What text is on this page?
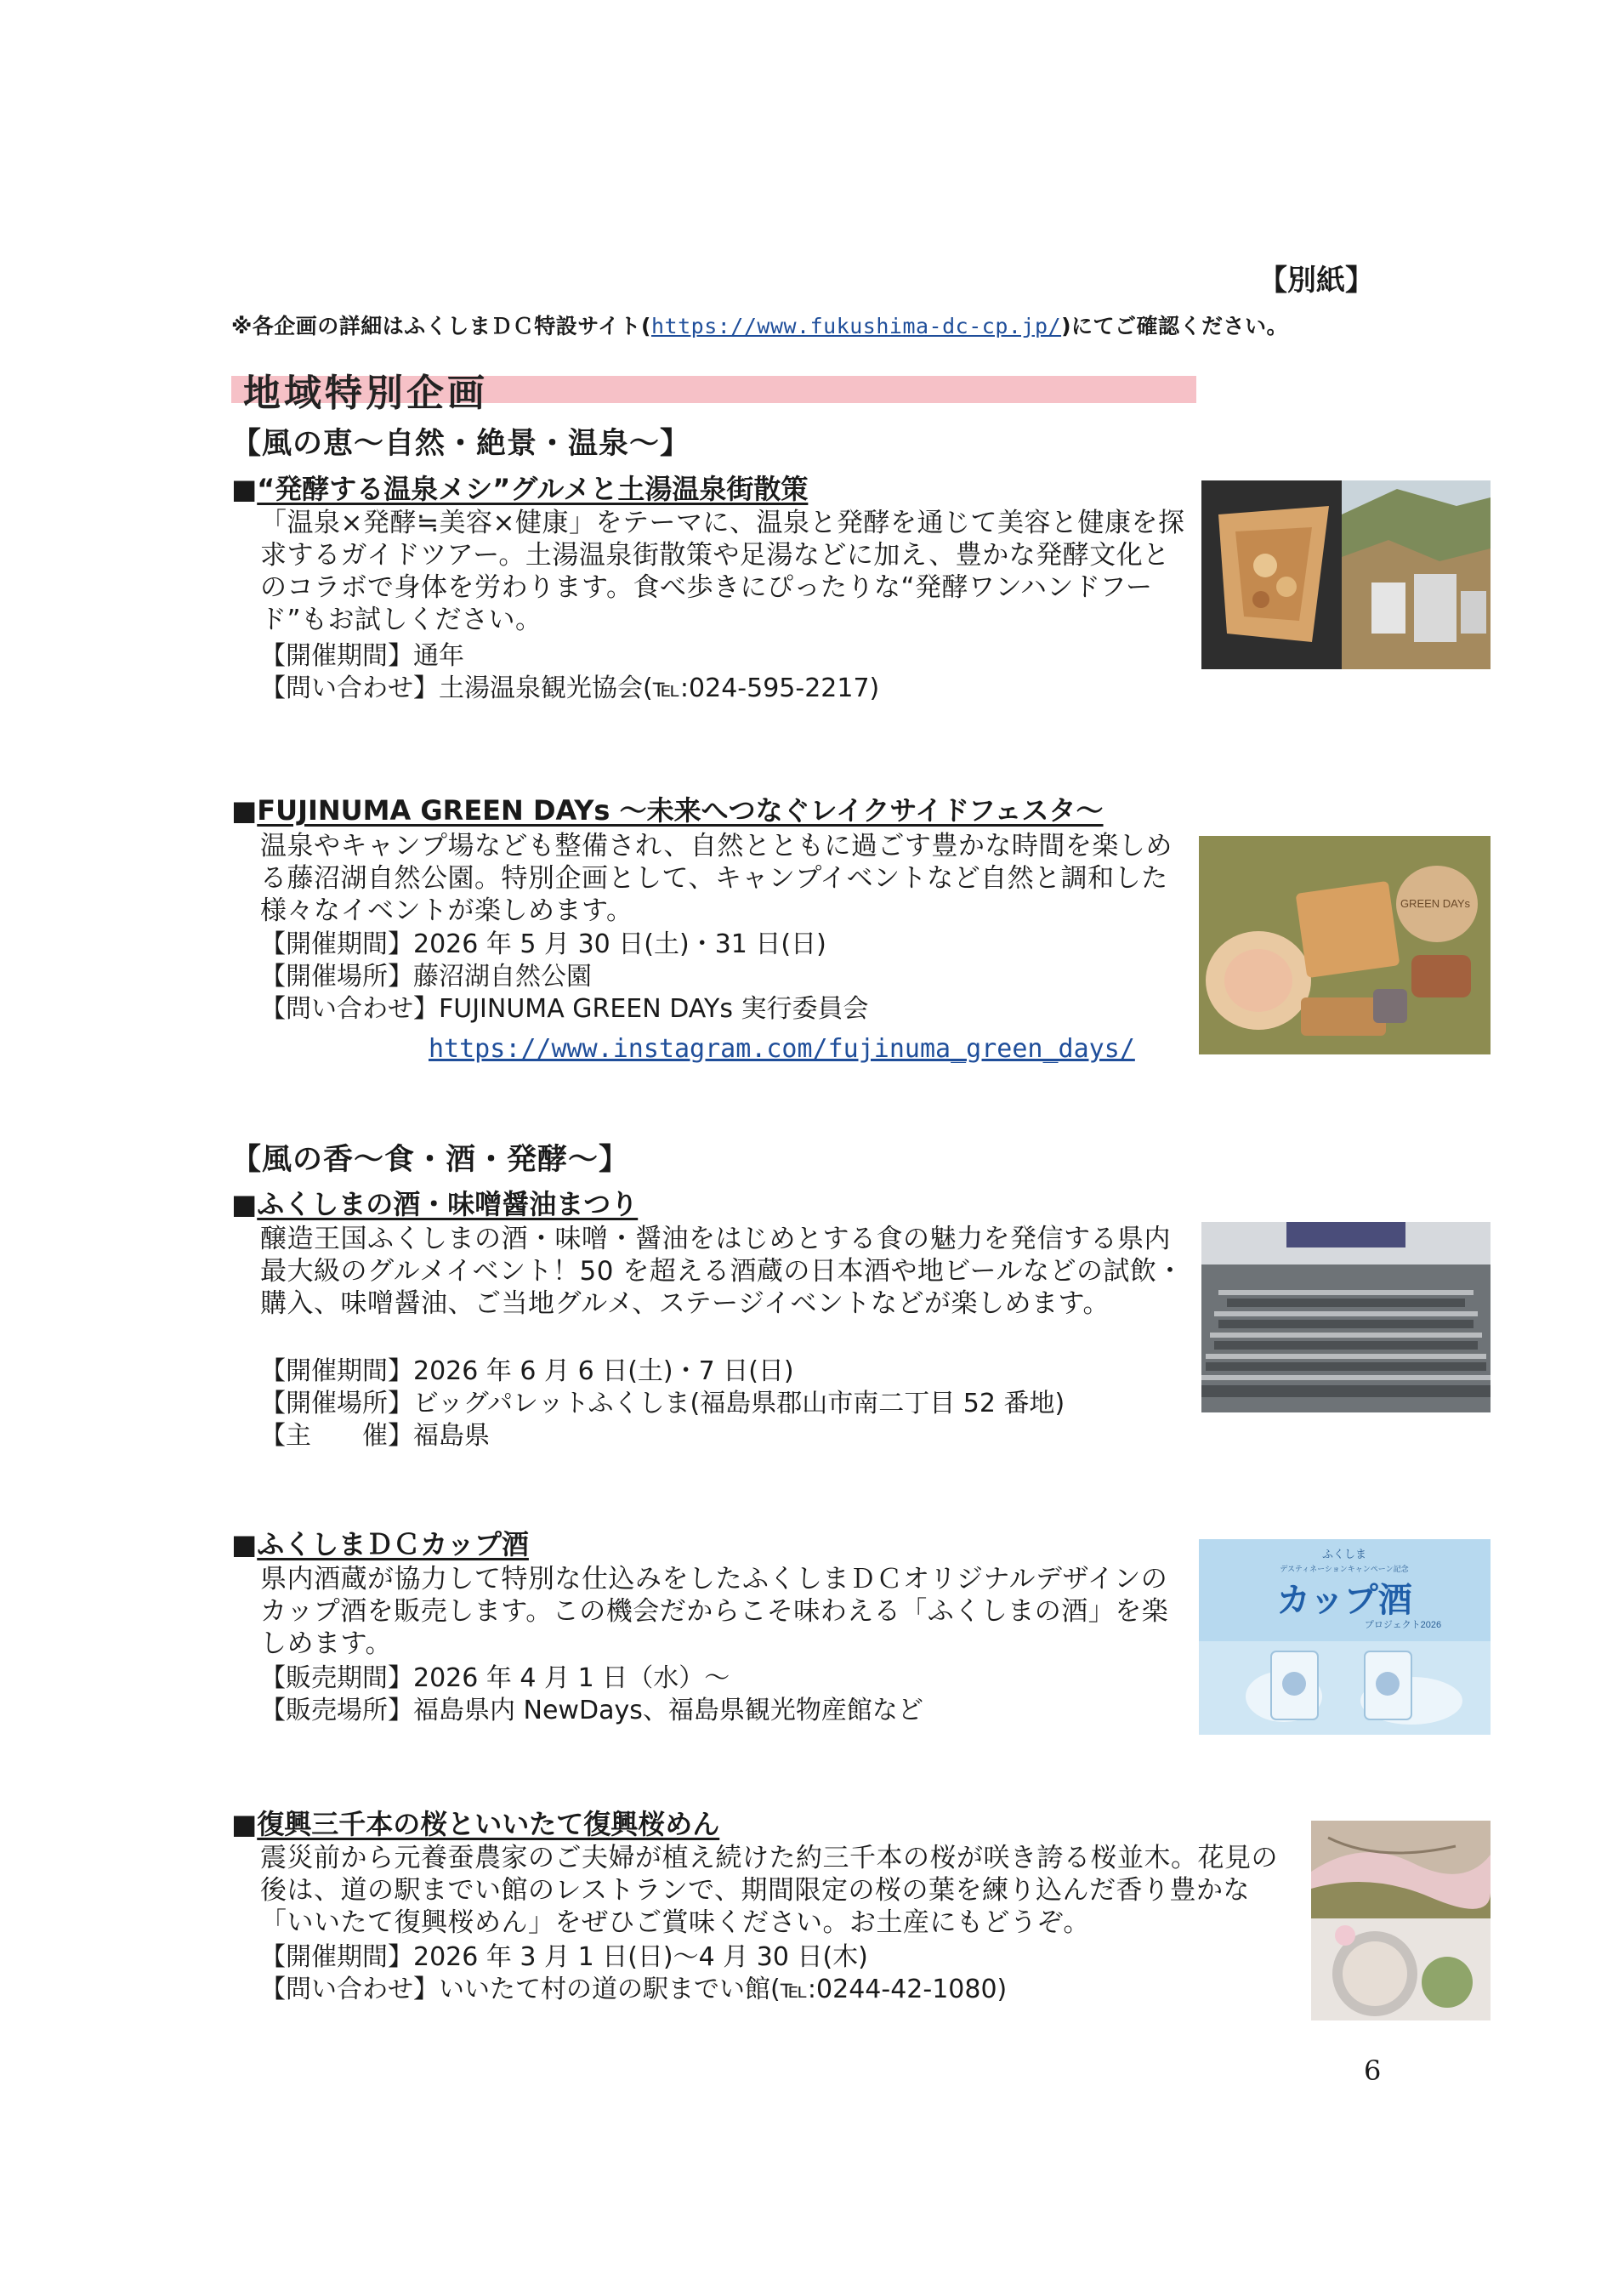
【別紙】
※各企画の詳細はふくしまＤＣ特設サイト(https://www.fukushima-dc-cp.jp/)にてご確認ください。
地域特別企画
【風の恵～自然・絶景・温泉～】
■“発酵する温泉メシ”グルメと土湯温泉街散策
「温泉×発酵≒美容×健康」をテーマに、温泉と発酵を通じて美容と健康を探求するガイドツアー。土湯温泉街散策や足湯などに加え、豊かな発酵文化とのコラボで身体を労わります。食べ歩きにぴったりな“発酵ワンハンドフード”もお試しください。
【開催期間】通年
【問い合わせ】土湯温泉観光協会(℡:024-595-2217)
■FUJINUMA GREEN DAYs ～未来へつなぐレイクサイドフェスタ～
温泉やキャンプ場なども整備され、自然とともに過ごす豊かな時間を楽しめる藤沼湖自然公園。特別企画として、キャンプイベントなど自然と調和した様々なイベントが楽しめます。
【開催期間】2026 年 5 月 30 日(土)・31 日(日)
【開催場所】藤沼湖自然公園
【問い合わせ】FUJINUMA GREEN DAYs 実行委員会
https://www.instagram.com/fujinuma_green_days/
GREEN DAYs
【風の香～食・酒・発酵～】
■ふくしまの酒・味噌醤油まつり
醸造王国ふくしまの酒・味噌・醤油をはじめとする食の魅力を発信する県内最大級のグルメイベント！50 を超える酒蔵の日本酒や地ビールなどの試飲・購入、味噌醤油、ご当地グルメ、ステージイベントなどが楽しめます。
【開催期間】2026 年 6 月 6 日(土)・7 日(日)
【開催場所】ビッグパレットふくしま(福島県郡山市南二丁目 52 番地)
【主　　催】福島県
■ふくしまＤＣカップ酒
県内酒蔵が協力して特別な仕込みをしたふくしまＤＣオリジナルデザインのカップ酒を販売します。この機会だからこそ味わえる「ふくしまの酒」を楽しめます。
【販売期間】2026 年 4 月 1 日（水）～
【販売場所】福島県内 NewDays、福島県観光物産館など
ふくしま
デスティネーションキャンペーン記念
カップ酒
プロジェクト2026
■復興三千本の桜といいたて復興桜めん
震災前から元養蚕農家のご夫婦が植え続けた約三千本の桜が咲き誇る桜並木。花見の後は、道の駅までい館のレストランで、期間限定の桜の葉を練り込んだ香り豊かな「いいたて復興桜めん」をぜひご賞味ください。お土産にもどうぞ。
【開催期間】2026 年 3 月 1 日(日)～4 月 30 日(木)
【問い合わせ】いいたて村の道の駅までい館(℡:0244-42-1080)
6
